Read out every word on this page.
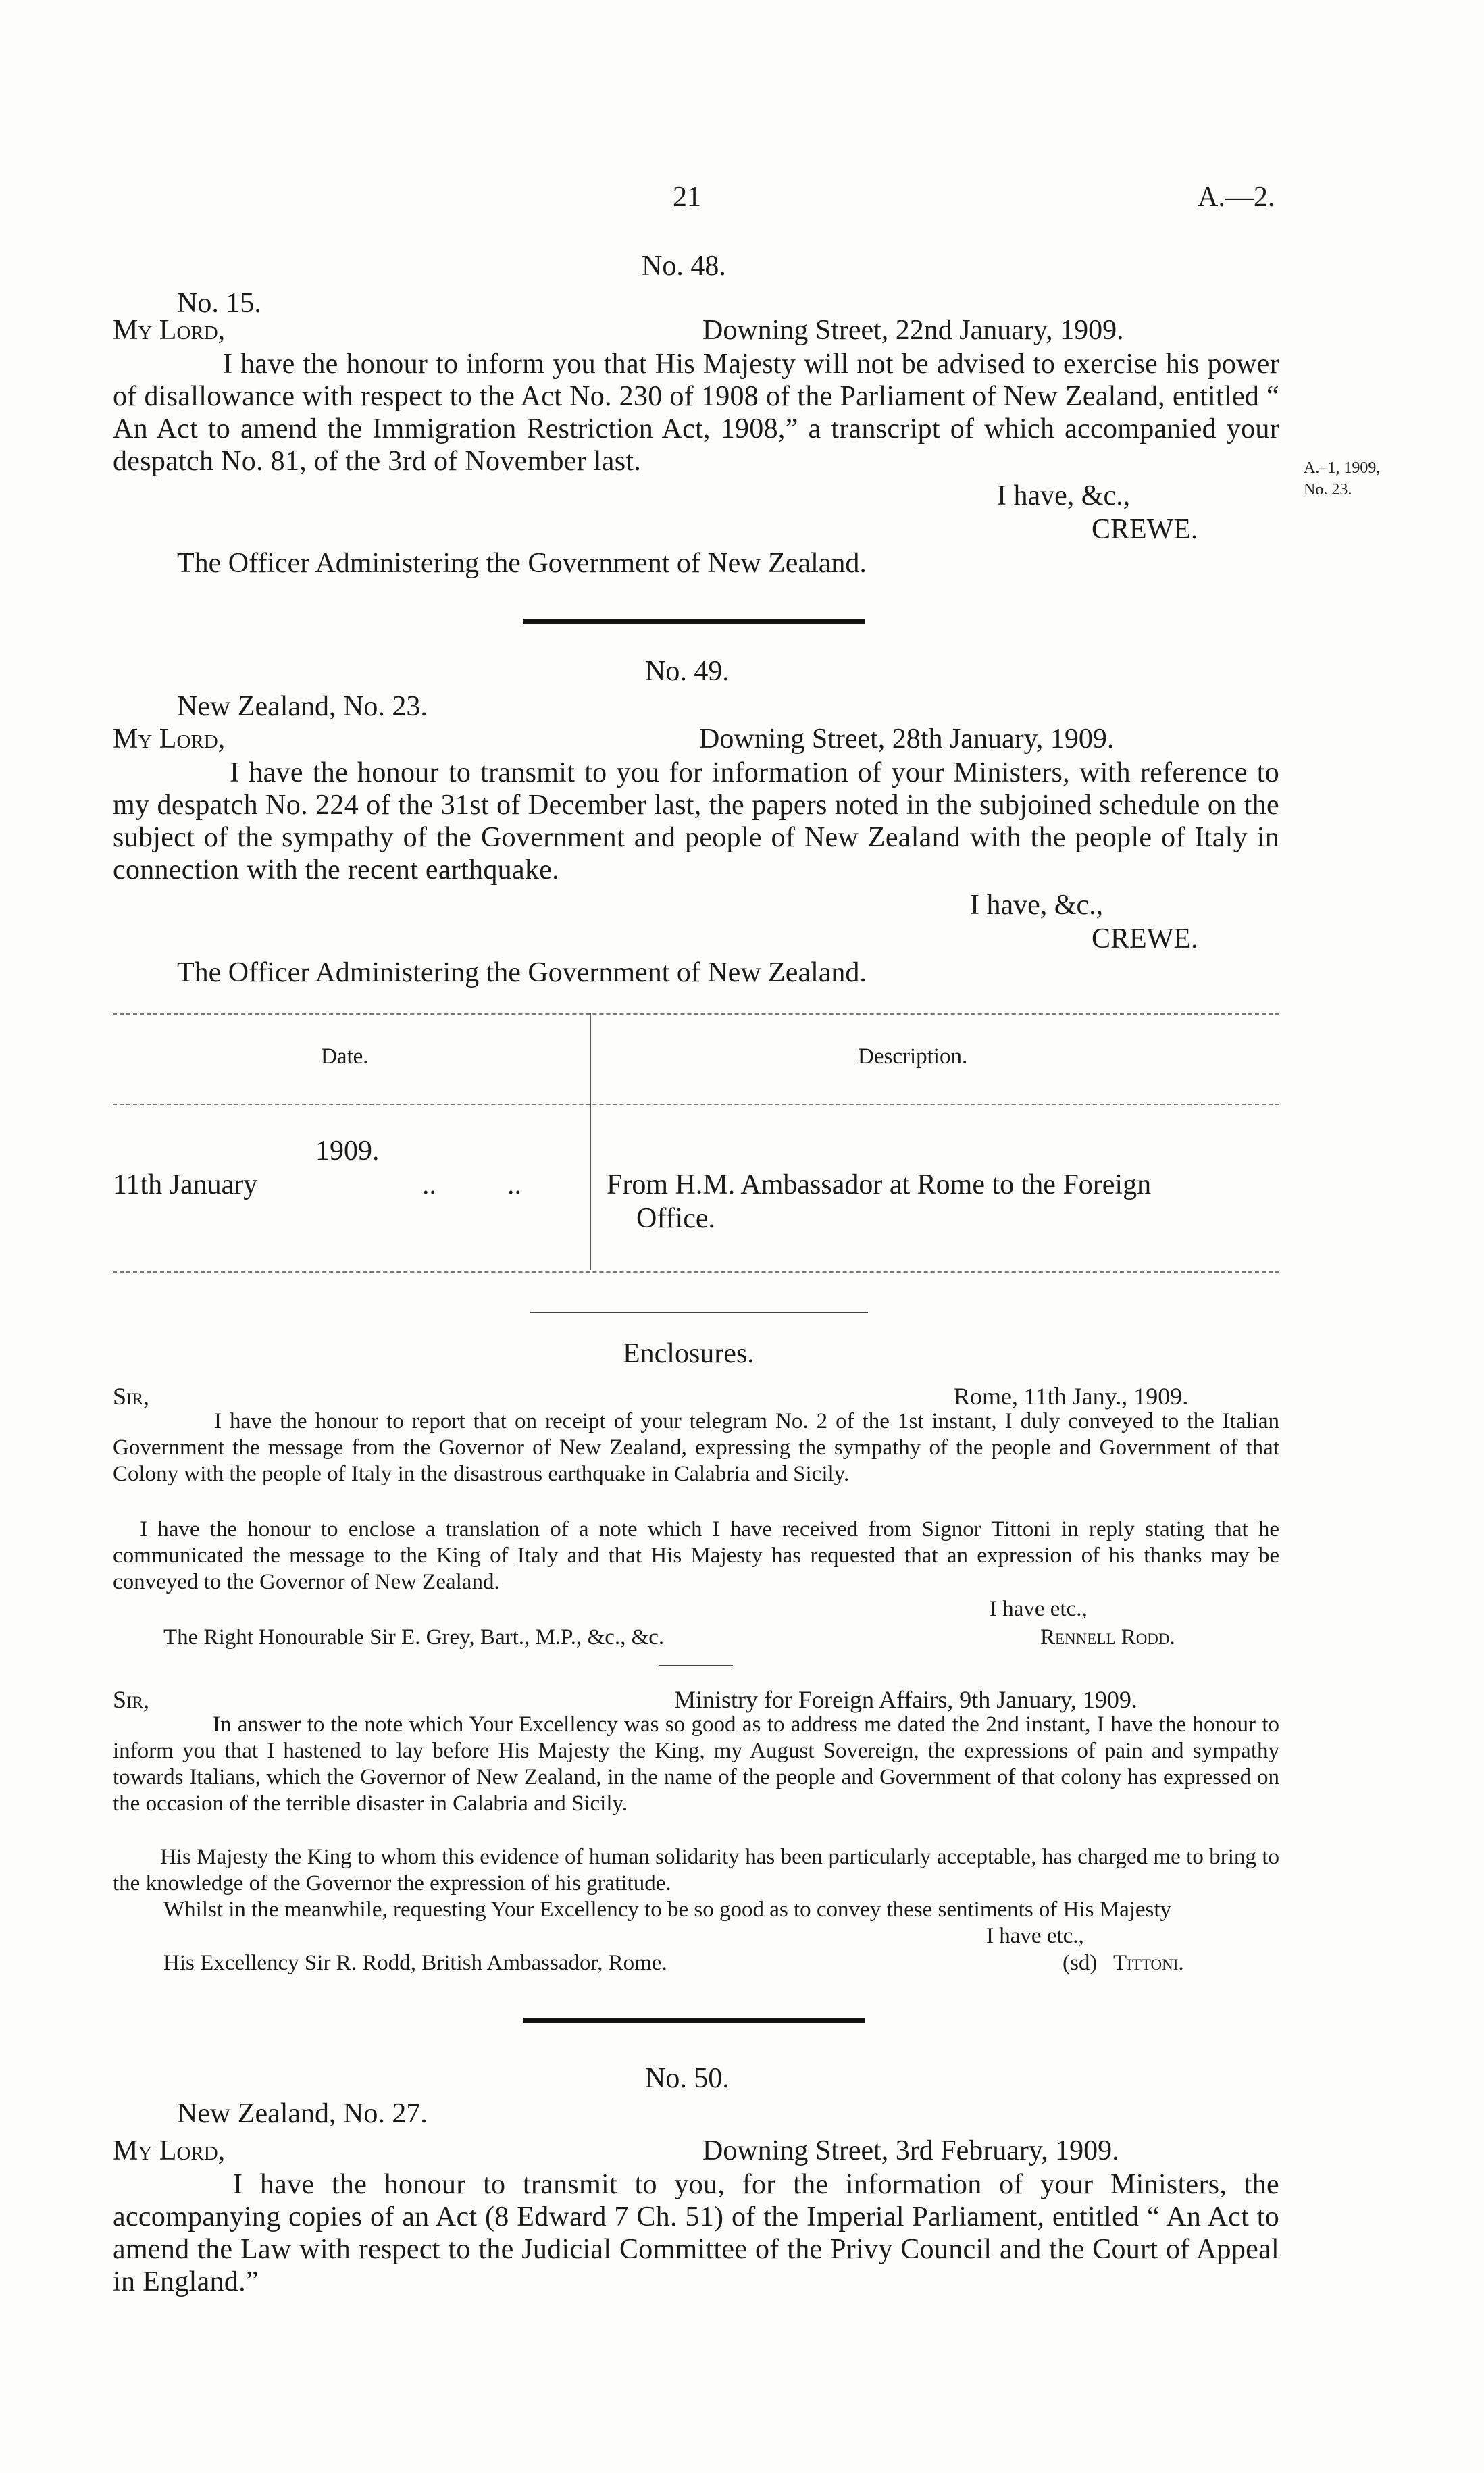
21	A.—2.
No. 48.
No. 15.
My Lord,	Downing Street, 22nd January, 1909.
I have the honour to inform you that His Majesty will not be advised to exercise his power of disallowance with respect to the Act No. 230 of 1908 of the Parliament of New Zealand, entitled “ An Act to amend the Immigration Restriction Act, 1908,” a transcript of which accompanied your despatch No. 81, of the 3rd of November last.
I have, &c.,
CREWE.
The Officer Administering the Government of New Zealand.
A.–1, 1909,
No. 23.
No. 49.
New Zealand, No. 23.
My Lord,	Downing Street, 28th January, 1909.
I have the honour to transmit to you for information of your Ministers, with reference to my despatch No. 224 of the 31st of December last, the papers noted in the subjoined schedule on the subject of the sympathy of the Government and people of New Zealand with the people of Italy in connection with the recent earthquake.
I have, &c.,
CREWE.
The Officer Administering the Government of New Zealand.
Date.	Description.
1909.
11th January	..          ..	From H.M. Ambassador at Rome to the Foreign
Office.
Enclosures.
Sir,	Rome, 11th Jany., 1909.
I have the honour to report that on receipt of your telegram No. 2 of the 1st instant, I duly conveyed to the Italian Government the message from the Governor of New Zealand, expressing the sympathy of the people and Government of that Colony with the people of Italy in the disastrous earthquake in Calabria and Sicily.
I have the honour to enclose a translation of a note which I have received from Signor Tittoni in reply stating that he communicated the message to the King of Italy and that His Majesty has requested that an expression of his thanks may be conveyed to the Governor of New Zealand.
I have etc.,
The Right Honourable Sir E. Grey, Bart., M.P., &c., &c.	Rennell Rodd.
Sir,	Ministry for Foreign Affairs, 9th January, 1909.
In answer to the note which Your Excellency was so good as to address me dated the 2nd instant, I have the honour to inform you that I hastened to lay before His Majesty the King, my August Sovereign, the expressions of pain and sympathy towards Italians, which the Governor of New Zealand, in the name of the people and Government of that colony has expressed on the occasion of the terrible disaster in Calabria and Sicily.
His Majesty the King to whom this evidence of human solidarity has been particularly acceptable, has charged me to bring to the knowledge of the Governor the expression of his gratitude.
Whilst in the meanwhile, requesting Your Excellency to be so good as to convey these sentiments of His Majesty
I have etc.,
His Excellency Sir R. Rodd, British Ambassador, Rome.	(sd) Tittoni.
No. 50.
New Zealand, No. 27.
My Lord,	Downing Street, 3rd February, 1909.
I have the honour to transmit to you, for the information of your Ministers, the accompanying copies of an Act (8 Edward 7 Ch. 51) of the Imperial Parliament, entitled “ An Act to amend the Law with respect to the Judicial Committee of the Privy Council and the Court of Appeal in England.”
